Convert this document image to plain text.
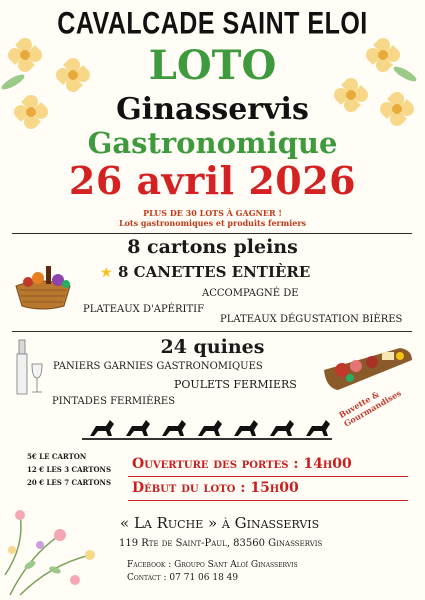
CAVALCADE SAINT ELOI
LOTO
Ginasservis
Gastronomique
26 avril 2026
PLUS DE 30 LOTS À GAGNER !
Lots gastronomiques et produits fermiers
8 cartons pleins
★ 8 CANETTES ENTIÈRE
ACCOMPAGNÉ DE
PLATEAUX D'APÉRITIF
PLATEAUX DÉGUSTATION BIÈRES
24 quines
PANIERS GARNIES GASTRONOMIQUES
POULETS FERMIERS
PINTADES FERMIÈRES	Buvette & Gourmandises
5€ LE CARTON
12 € LES 3 CARTONS
20 € LES 7 CARTONS
Ouverture des portes : 14h00
Début du loto : 15h00
« La Ruche » à Ginasservis
119 Rte de Saint-Paul, 83560 Ginasservis
Facebook : Groupo Sant Aloï Ginasservis
Contact : 07 71 06 18 49
